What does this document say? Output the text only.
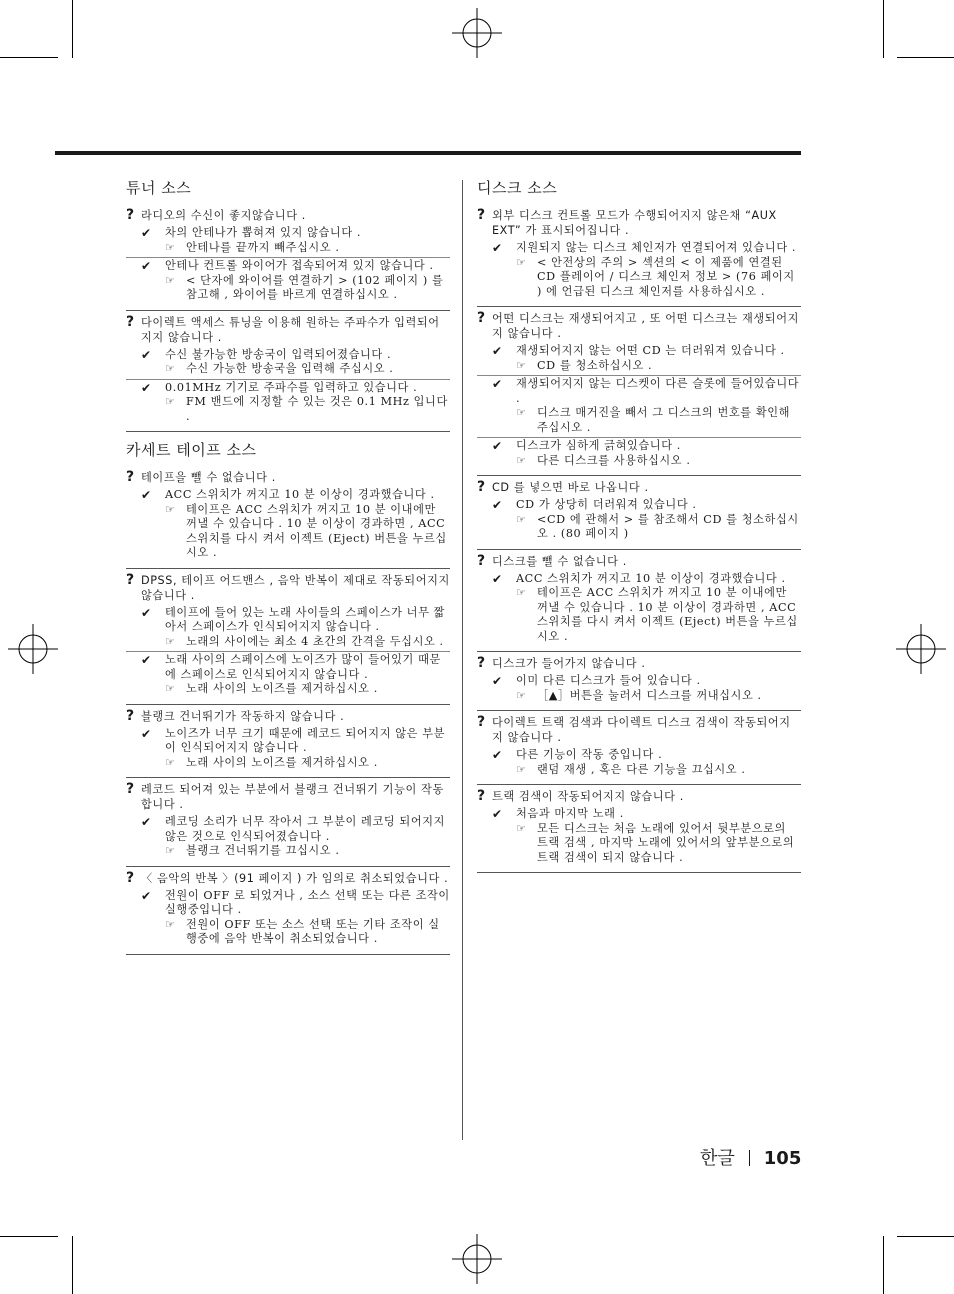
튜너 소스
? 라디오의 수신이 좋지않습니다 .
✔	차의 안테나가 뽑혀져 있지 않습니다 .
☞ 안테나를 끝까지 빼주십시오 .
✔	안테나 컨트롤 와이어가 접속되어져 있지 않습니다 .
☞ < 단자에 와이어를 연결하기 > (102 페이지 ) 를 참고해 , 와이어를 바르게 연결하십시오 .
? 다이렉트 액세스 튜닝을 이용해 원하는 주파수가 입력되어지지 않습니다 .
✔	수신 불가능한 방송국이 입력되어졌습니다 .
☞ 수신 가능한 방송국을 입력해 주십시오 .
✔	0.01MHz 기기로 주파수를 입력하고 있습니다 .
☞ FM 밴드에 지정할 수 있는 것은 0.1 MHz 입니다 .
카세트 테이프 소스
? 테이프을 뺄 수 없습니다 .
✔	ACC 스위치가 꺼지고 10 분 이상이 경과했습니다 .
☞ 테이프은 ACC 스위치가 꺼지고 10 분 이내에만 꺼낼 수 있습니다 . 10 분 이상이 경과하면 , ACC 스위치를 다시 켜서 이젝트 (Eject) 버튼을 누르십시오 .
? DPSS, 테이프 어드밴스 , 음악 반복이 제대로 작동되어지지 않습니다 .
✔	테이프에 들어 있는 노래 사이들의 스페이스가 너무 짧아서 스페이스가 인식되어지지 않습니다 .
☞ 노래의 사이에는 최소 4 초간의 간격을 두십시오 .
✔	노래 사이의 스페이스에 노이즈가 많이 들어있기 때문에 스페이스로 인식되어지지 않습니다 .
☞ 노래 사이의 노이즈를 제거하십시오 .
? 블랭크 건너뛰기가 작동하지 않습니다 .
✔	노이즈가 너무 크기 때문에 레코드 되어지지 않은 부분이 인식되어지지 않습니다 .
☞ 노래 사이의 노이즈를 제거하십시오 .
? 레코드 되어져 있는 부분에서 블랭크 건너뛰기 기능이 작동합니다 .
✔	레코딩 소리가 너무 작아서 그 부분이 레코딩 되어지지 않은 것으로 인식되어졌습니다 .
☞ 블랭크 건너뛰기를 끄십시오 .
? 〈 음악의 반복 〉(91 페이지 ) 가 임의로 취소되었습니다 .
✔	전원이 OFF 로 되었거나 , 소스 선택 또는 다른 조작이 실행중입니다 .
☞ 전원이 OFF 또는 소스 선택 또는 기타 조작이 실행중에 음악 반복이 취소되었습니다 .
디스크 소스
? 외부 디스크 컨트롤 모드가 수행되어지지 않은채 “AUX EXT” 가 표시되어집니다 .
✔	지원되지 않는 디스크 체인저가 연결되어져 있습니다 .
☞ < 안전상의 주의 > 섹션의 < 이 제품에 연결된 CD 플레이어 / 디스크 체인저 정보 > (76 페이지 ) 에 언급된 디스크 체인저를 사용하십시오 .
? 어떤 디스크는 재생되어지고 , 또 어떤 디스크는 재생되어지지 않습니다 .
✔	재생되어지지 않는 어떤 CD 는 더러워져 있습니다 .
☞ CD 를 청소하십시오 .
✔	재생되어지지 않는 디스켓이 다른 슬롯에 들어있습니다 .
☞ 디스크 매거진을 빼서 그 디스크의 번호를 확인해주십시오 .
✔	디스크가 심하게 긁혀있습니다 .
☞ 다른 디스크를 사용하십시오 .
? CD 를 넣으면 바로 나옵니다 .
✔	CD 가 상당히 더러워져 있습니다 .
☞ <CD 에 관해서 > 를 참조해서 CD 를 청소하십시오 . (80 페이지 )
? 디스크를 뺄 수 없습니다 .
✔	ACC 스위치가 꺼지고 10 분 이상이 경과했습니다 .
☞ 테이프은 ACC 스위치가 꺼지고 10 분 이내에만 꺼낼 수 있습니다 . 10 분 이상이 경과하면 , ACC 스위치를 다시 켜서 이젝트 (Eject) 버튼을 누르십시오 .
? 디스크가 들어가지 않습니다 .
✔	이미 다른 디스크가 들어 있습니다 .
☞ ［▲］버튼을 눌러서 디스크를 꺼내십시오 .
? 다이렉트 트랙 검색과 다이렉트 디스크 검색이 작동되어지지 않습니다 .
✔	다른 기능이 작동 중입니다 .
☞ 랜덤 재생 , 혹은 다른 기능을 끄십시오 .
? 트랙 검색이 작동되어지지 않습니다 .
✔	처음과 마지막 노래 .
☞ 모든 디스크는 처음 노래에 있어서 뒷부분으로의 트랙 검색 , 마지막 노래에 있어서의 앞부분으로의 트랙 검색이 되지 않습니다 .
한글 105
